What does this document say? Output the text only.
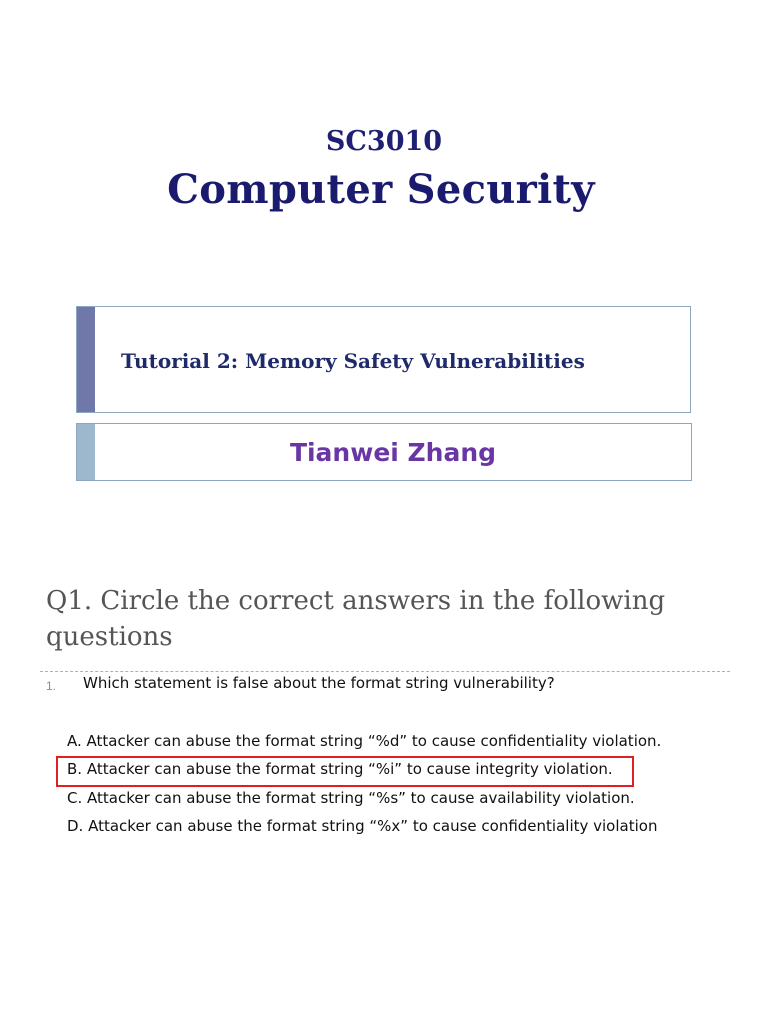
SC3010
Computer Security
Tutorial 2: Memory Safety Vulnerabilities
Tianwei Zhang
Q1. Circle the correct answers in the following questions
1. Which statement is false about the format string vulnerability?
A. Attacker can abuse the format string “%d” to cause confidentiality violation.
B. Attacker can abuse the format string “%i” to cause integrity violation.
C. Attacker can abuse the format string “%s” to cause availability violation.
D. Attacker can abuse the format string “%x” to cause confidentiality violation
